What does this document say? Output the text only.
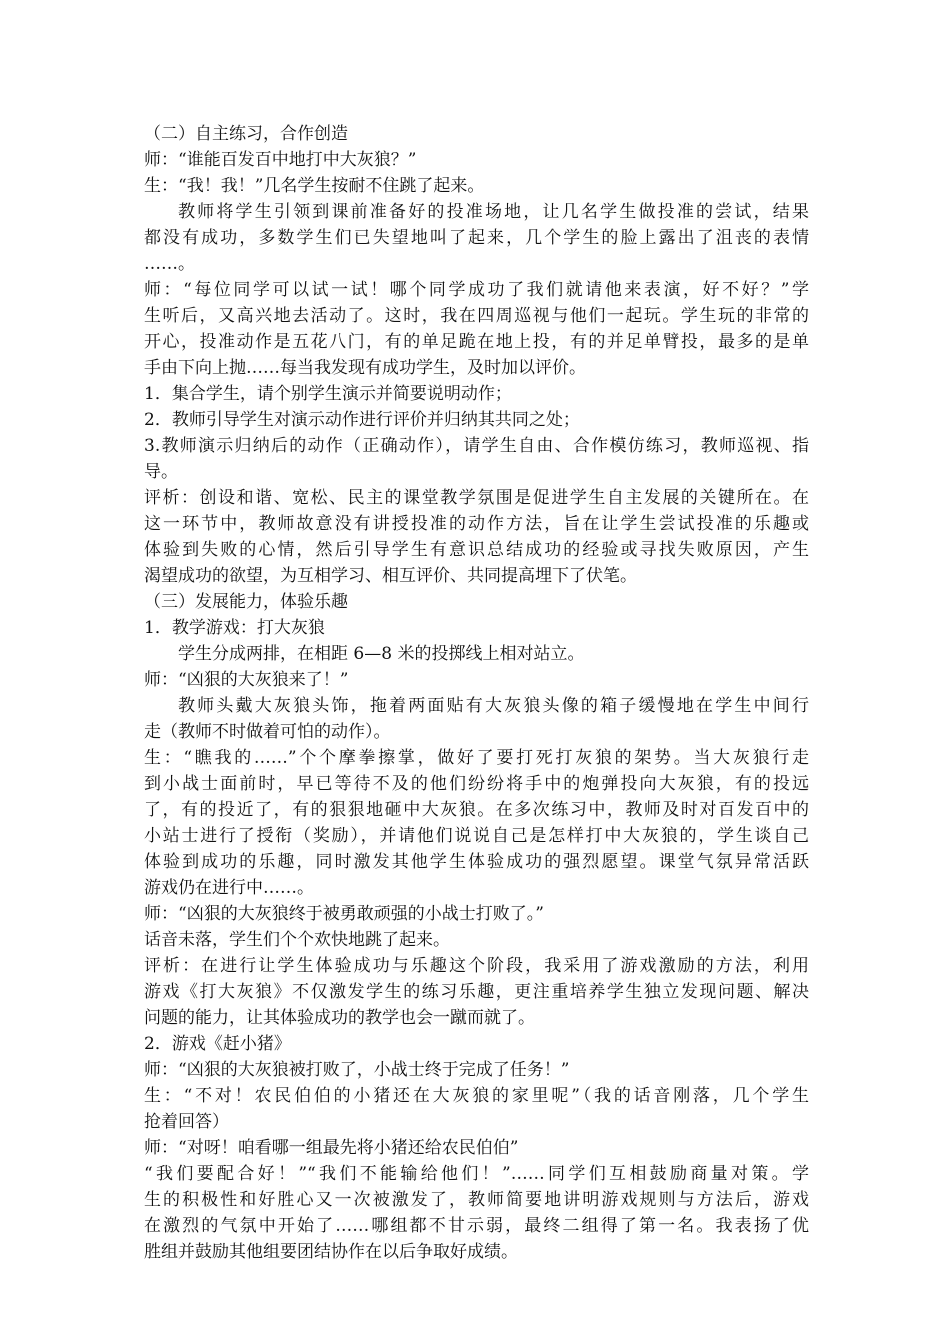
（二）自主练习，合作创造
师：“谁能百发百中地打中大灰狼？”
生：“我！我！”几名学生按耐不住跳了起来。
教师将学生引领到课前准备好的投准场地，让几名学生做投准的尝试，结果
都没有成功，多数学生们已失望地叫了起来，几个学生的脸上露出了沮丧的表情
……。
师：“每位同学可以试一试！哪个同学成功了我们就请他来表演，好不好？”学
生听后，又高兴地去活动了。这时，我在四周巡视与他们一起玩。学生玩的非常的
开心，投准动作是五花八门，有的单足跪在地上投，有的并足单臂投，最多的是单
手由下向上抛……每当我发现有成功学生，及时加以评价。
1．集合学生，请个别学生演示并简要说明动作；
2．教师引导学生对演示动作进行评价并归纳其共同之处；
3.教师演示归纳后的动作（正确动作），请学生自由、合作模仿练习，教师巡视、指
导。
评析：创设和谐、宽松、民主的课堂教学氛围是促进学生自主发展的关键所在。在
这一环节中，教师故意没有讲授投准的动作方法，旨在让学生尝试投准的乐趣或
体验到失败的心情，然后引导学生有意识总结成功的经验或寻找失败原因，产生
渴望成功的欲望，为互相学习、相互评价、共同提高埋下了伏笔。
（三）发展能力，体验乐趣
1．教学游戏：打大灰狼
学生分成两排，在相距 6—8 米的投掷线上相对站立。
师：“凶狠的大灰狼来了！”
教师头戴大灰狼头饰，拖着两面贴有大灰狼头像的箱子缓慢地在学生中间行
走（教师不时做着可怕的动作）。
生：“瞧我的……”个个摩拳擦掌，做好了要打死打灰狼的架势。当大灰狼行走
到小战士面前时，早已等待不及的他们纷纷将手中的炮弹投向大灰狼，有的投远
了，有的投近了，有的狠狠地砸中大灰狼。在多次练习中，教师及时对百发百中的
小站士进行了授衔（奖励），并请他们说说自己是怎样打中大灰狼的，学生谈自己
体验到成功的乐趣，同时激发其他学生体验成功的强烈愿望。课堂气氛异常活跃
游戏仍在进行中……。
师：“凶狠的大灰狼终于被勇敢顽强的小战士打败了。”
话音未落，学生们个个欢快地跳了起来。
评析：在进行让学生体验成功与乐趣这个阶段，我采用了游戏激励的方法，利用
游戏《打大灰狼》不仅激发学生的练习乐趣，更注重培养学生独立发现问题、解决
问题的能力，让其体验成功的教学也会一蹴而就了。
2．游戏《赶小猪》
师：“凶狠的大灰狼被打败了，小战士终于完成了任务！”
生：“不对！农民伯伯的小猪还在大灰狼的家里呢”（我的话音刚落，几个学生
抢着回答）
师：“对呀！咱看哪一组最先将小猪还给农民伯伯”
“我们要配合好！”“我们不能输给他们！”……同学们互相鼓励商量对策。学
生的积极性和好胜心又一次被激发了，教师简要地讲明游戏规则与方法后，游戏
在激烈的气氛中开始了……哪组都不甘示弱，最终二组得了第一名。我表扬了优
胜组并鼓励其他组要团结协作在以后争取好成绩。
